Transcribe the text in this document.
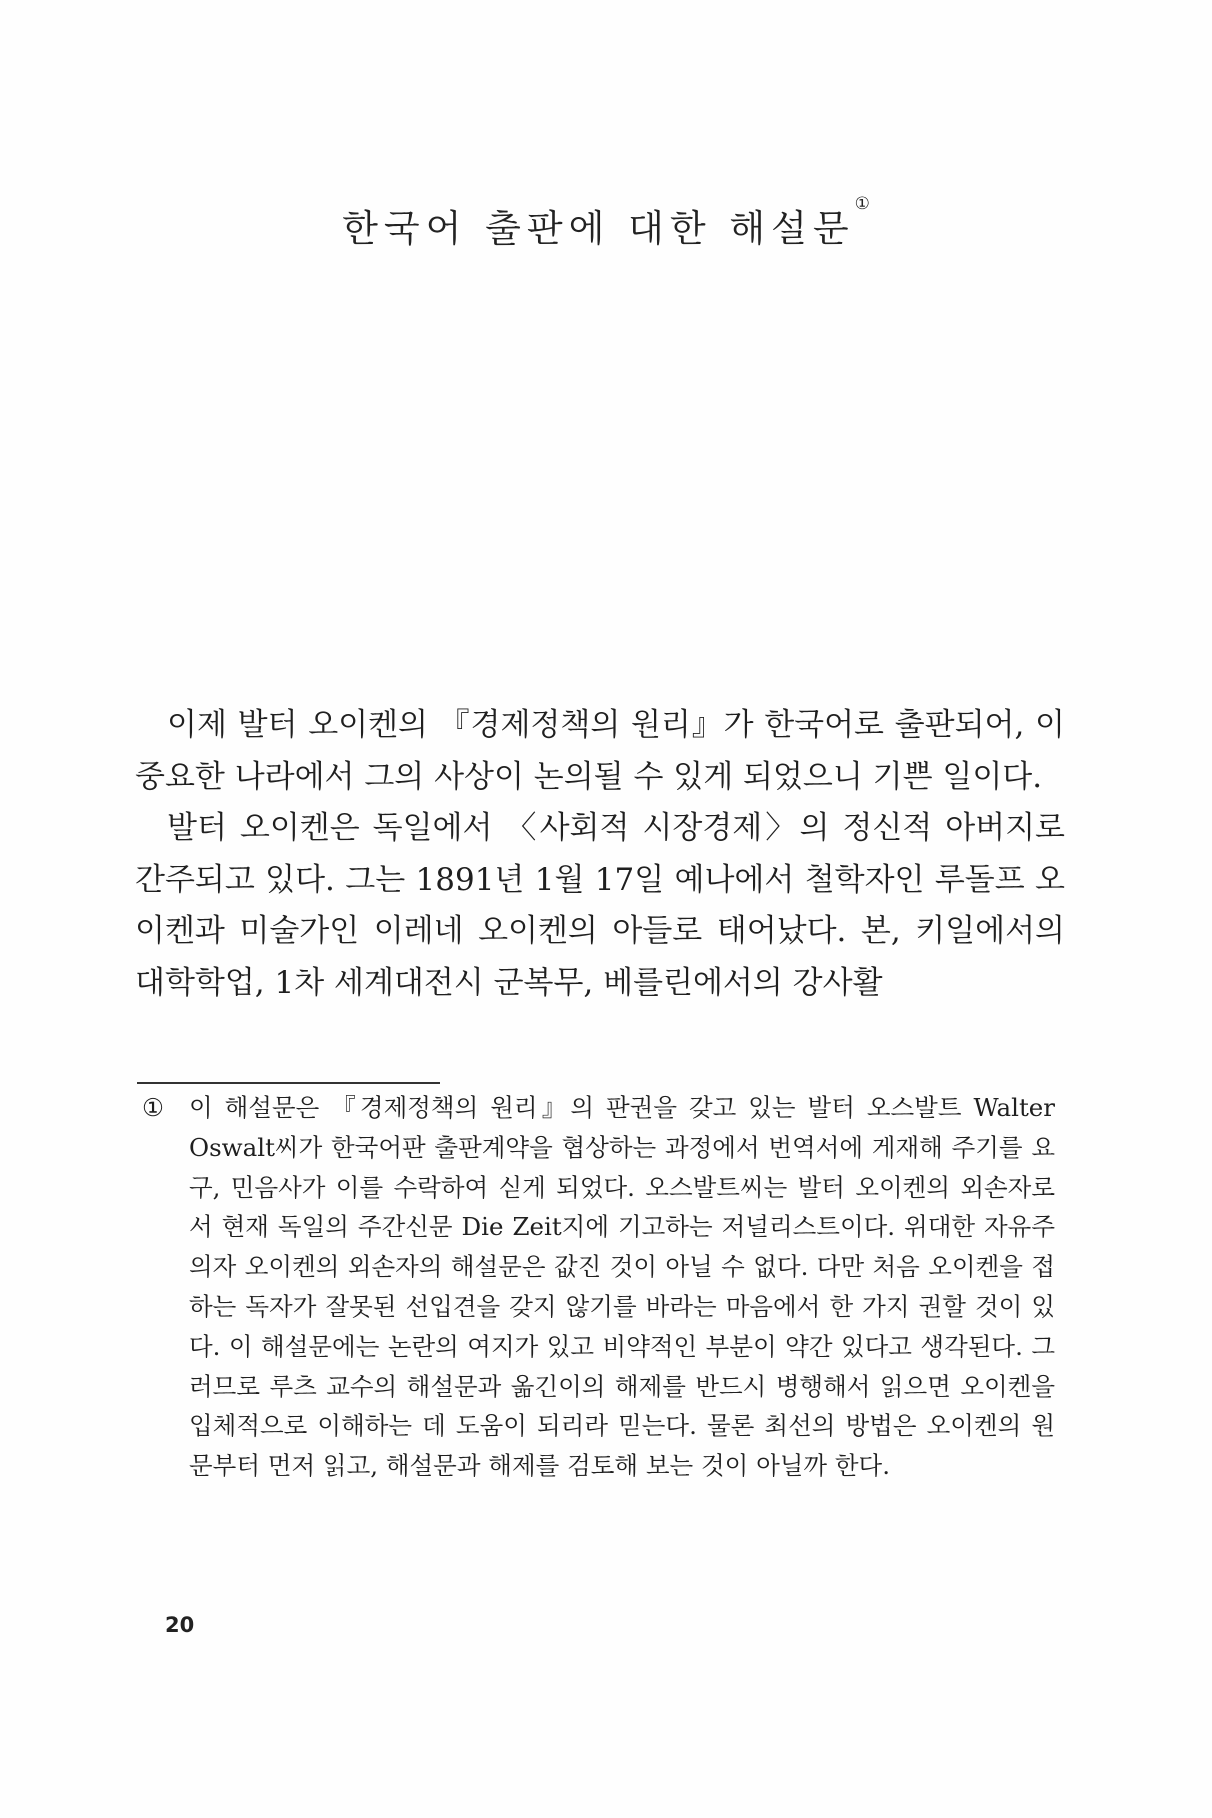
한국어 출판에 대한 해설문①

이제 발터 오이켄의 『경제정책의 원리』가 한국어로 출판되어, 이 중요한 나라에서 그의 사상이 논의될 수 있게 되었으니 기쁜 일이다.

발터 오이켄은 독일에서 〈사회적 시장경제〉의 정신적 아버지로 간주되고 있다. 그는 1891년 1월 17일 예나에서 철학자인 루돌프 오이켄과 미술가인 이레네 오이켄의 아들로 태어났다. 본, 키일에서의 대학학업, 1차 세계대전시 군복무, 베를린에서의 강사활

①	이 해설문은 『경제정책의 원리』의 판권을 갖고 있는 발터 오스발트 Walter Oswalt씨가 한국어판 출판계약을 협상하는 과정에서 번역서에 게재해 주기를 요구, 민음사가 이를 수락하여 싣게 되었다. 오스발트씨는 발터 오이켄의 외손자로서 현재 독일의 주간신문 Die Zeit지에 기고하는 저널리스트이다. 위대한 자유주의자 오이켄의 외손자의 해설문은 값진 것이 아닐 수 없다. 다만 처음 오이켄을 접하는 독자가 잘못된 선입견을 갖지 않기를 바라는 마음에서 한 가지 권할 것이 있다. 이 해설문에는 논란의 여지가 있고 비약적인 부분이 약간 있다고 생각된다. 그러므로 루츠 교수의 해설문과 옮긴이의 해제를 반드시 병행해서 읽으면 오이켄을 입체적으로 이해하는 데 도움이 되리라 믿는다. 물론 최선의 방법은 오이켄의 원문부터 먼저 읽고, 해설문과 해제를 검토해 보는 것이 아닐까 한다.
20
